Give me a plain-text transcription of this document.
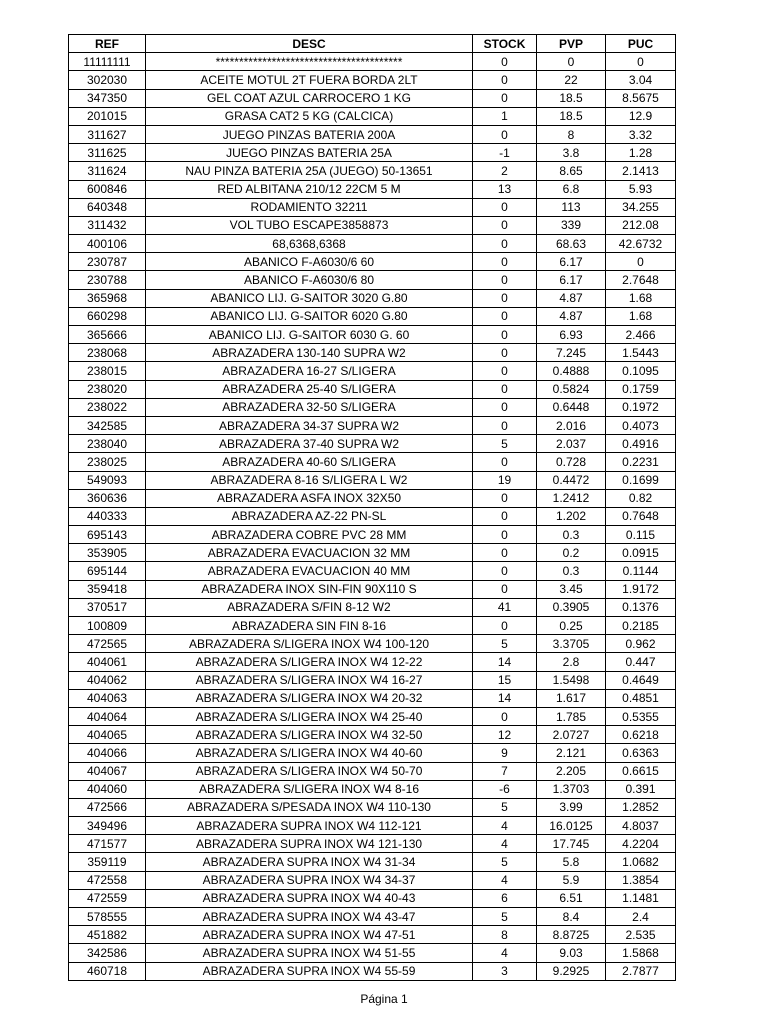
REF	DESC	STOCK	PVP	PUC
11111111	****************************************	0	0	0
302030	ACEITE MOTUL 2T FUERA BORDA 2LT	0	22	3.04
347350	GEL COAT AZUL CARROCERO 1 KG	0	18.5	8.5675
201015	GRASA CAT2 5 KG (CALCICA)	1	18.5	12.9
311627	JUEGO PINZAS BATERIA 200A	0	8	3.32
311625	JUEGO PINZAS BATERIA 25A	-1	3.8	1.28
311624	NAU PINZA BATERIA 25A (JUEGO) 50-13651	2	8.65	2.1413
600846	RED ALBITANA 210/12 22CM 5 M	13	6.8	5.93
640348	RODAMIENTO 32211	0	113	34.255
311432	VOL TUBO ESCAPE3858873	0	339	212.08
400106	68,6368,6368	0	68.63	42.6732
230787	ABANICO F-A6030/6 60	0	6.17	0
230788	ABANICO F-A6030/6 80	0	6.17	2.7648
365968	ABANICO LIJ. G-SAITOR 3020 G.80	0	4.87	1.68
660298	ABANICO LIJ. G-SAITOR 6020 G.80	0	4.87	1.68
365666	ABANICO LIJ. G-SAITOR 6030 G. 60	0	6.93	2.466
238068	ABRAZADERA 130-140 SUPRA W2	0	7.245	1.5443
238015	ABRAZADERA 16-27 S/LIGERA	0	0.4888	0.1095
238020	ABRAZADERA 25-40 S/LIGERA	0	0.5824	0.1759
238022	ABRAZADERA 32-50 S/LIGERA	0	0.6448	0.1972
342585	ABRAZADERA 34-37 SUPRA W2	0	2.016	0.4073
238040	ABRAZADERA 37-40 SUPRA W2	5	2.037	0.4916
238025	ABRAZADERA 40-60 S/LIGERA	0	0.728	0.2231
549093	ABRAZADERA 8-16 S/LIGERA L W2	19	0.4472	0.1699
360636	ABRAZADERA ASFA INOX 32X50	0	1.2412	0.82
440333	ABRAZADERA AZ-22 PN-SL	0	1.202	0.7648
695143	ABRAZADERA COBRE PVC 28 MM	0	0.3	0.115
353905	ABRAZADERA EVACUACION 32 MM	0	0.2	0.0915
695144	ABRAZADERA EVACUACION 40 MM	0	0.3	0.1144
359418	ABRAZADERA INOX SIN-FIN 90X110 S	0	3.45	1.9172
370517	ABRAZADERA S/FIN 8-12 W2	41	0.3905	0.1376
100809	ABRAZADERA SIN FIN 8-16	0	0.25	0.2185
472565	ABRAZADERA S/LIGERA INOX W4 100-120	5	3.3705	0.962
404061	ABRAZADERA S/LIGERA INOX W4 12-22	14	2.8	0.447
404062	ABRAZADERA S/LIGERA INOX W4 16-27	15	1.5498	0.4649
404063	ABRAZADERA S/LIGERA INOX W4 20-32	14	1.617	0.4851
404064	ABRAZADERA S/LIGERA INOX W4 25-40	0	1.785	0.5355
404065	ABRAZADERA S/LIGERA INOX W4 32-50	12	2.0727	0.6218
404066	ABRAZADERA S/LIGERA INOX W4 40-60	9	2.121	0.6363
404067	ABRAZADERA S/LIGERA INOX W4 50-70	7	2.205	0.6615
404060	ABRAZADERA S/LIGERA INOX W4 8-16	-6	1.3703	0.391
472566	ABRAZADERA S/PESADA INOX W4 110-130	5	3.99	1.2852
349496	ABRAZADERA SUPRA INOX W4 112-121	4	16.0125	4.8037
471577	ABRAZADERA SUPRA INOX W4 121-130	4	17.745	4.2204
359119	ABRAZADERA SUPRA INOX W4 31-34	5	5.8	1.0682
472558	ABRAZADERA SUPRA INOX W4 34-37	4	5.9	1.3854
472559	ABRAZADERA SUPRA INOX W4 40-43	6	6.51	1.1481
578555	ABRAZADERA SUPRA INOX W4 43-47	5	8.4	2.4
451882	ABRAZADERA SUPRA INOX W4 47-51	8	8.8725	2.535
342586	ABRAZADERA SUPRA INOX W4 51-55	4	9.03	1.5868
460718	ABRAZADERA SUPRA INOX W4 55-59	3	9.2925	2.7877
Página 1
